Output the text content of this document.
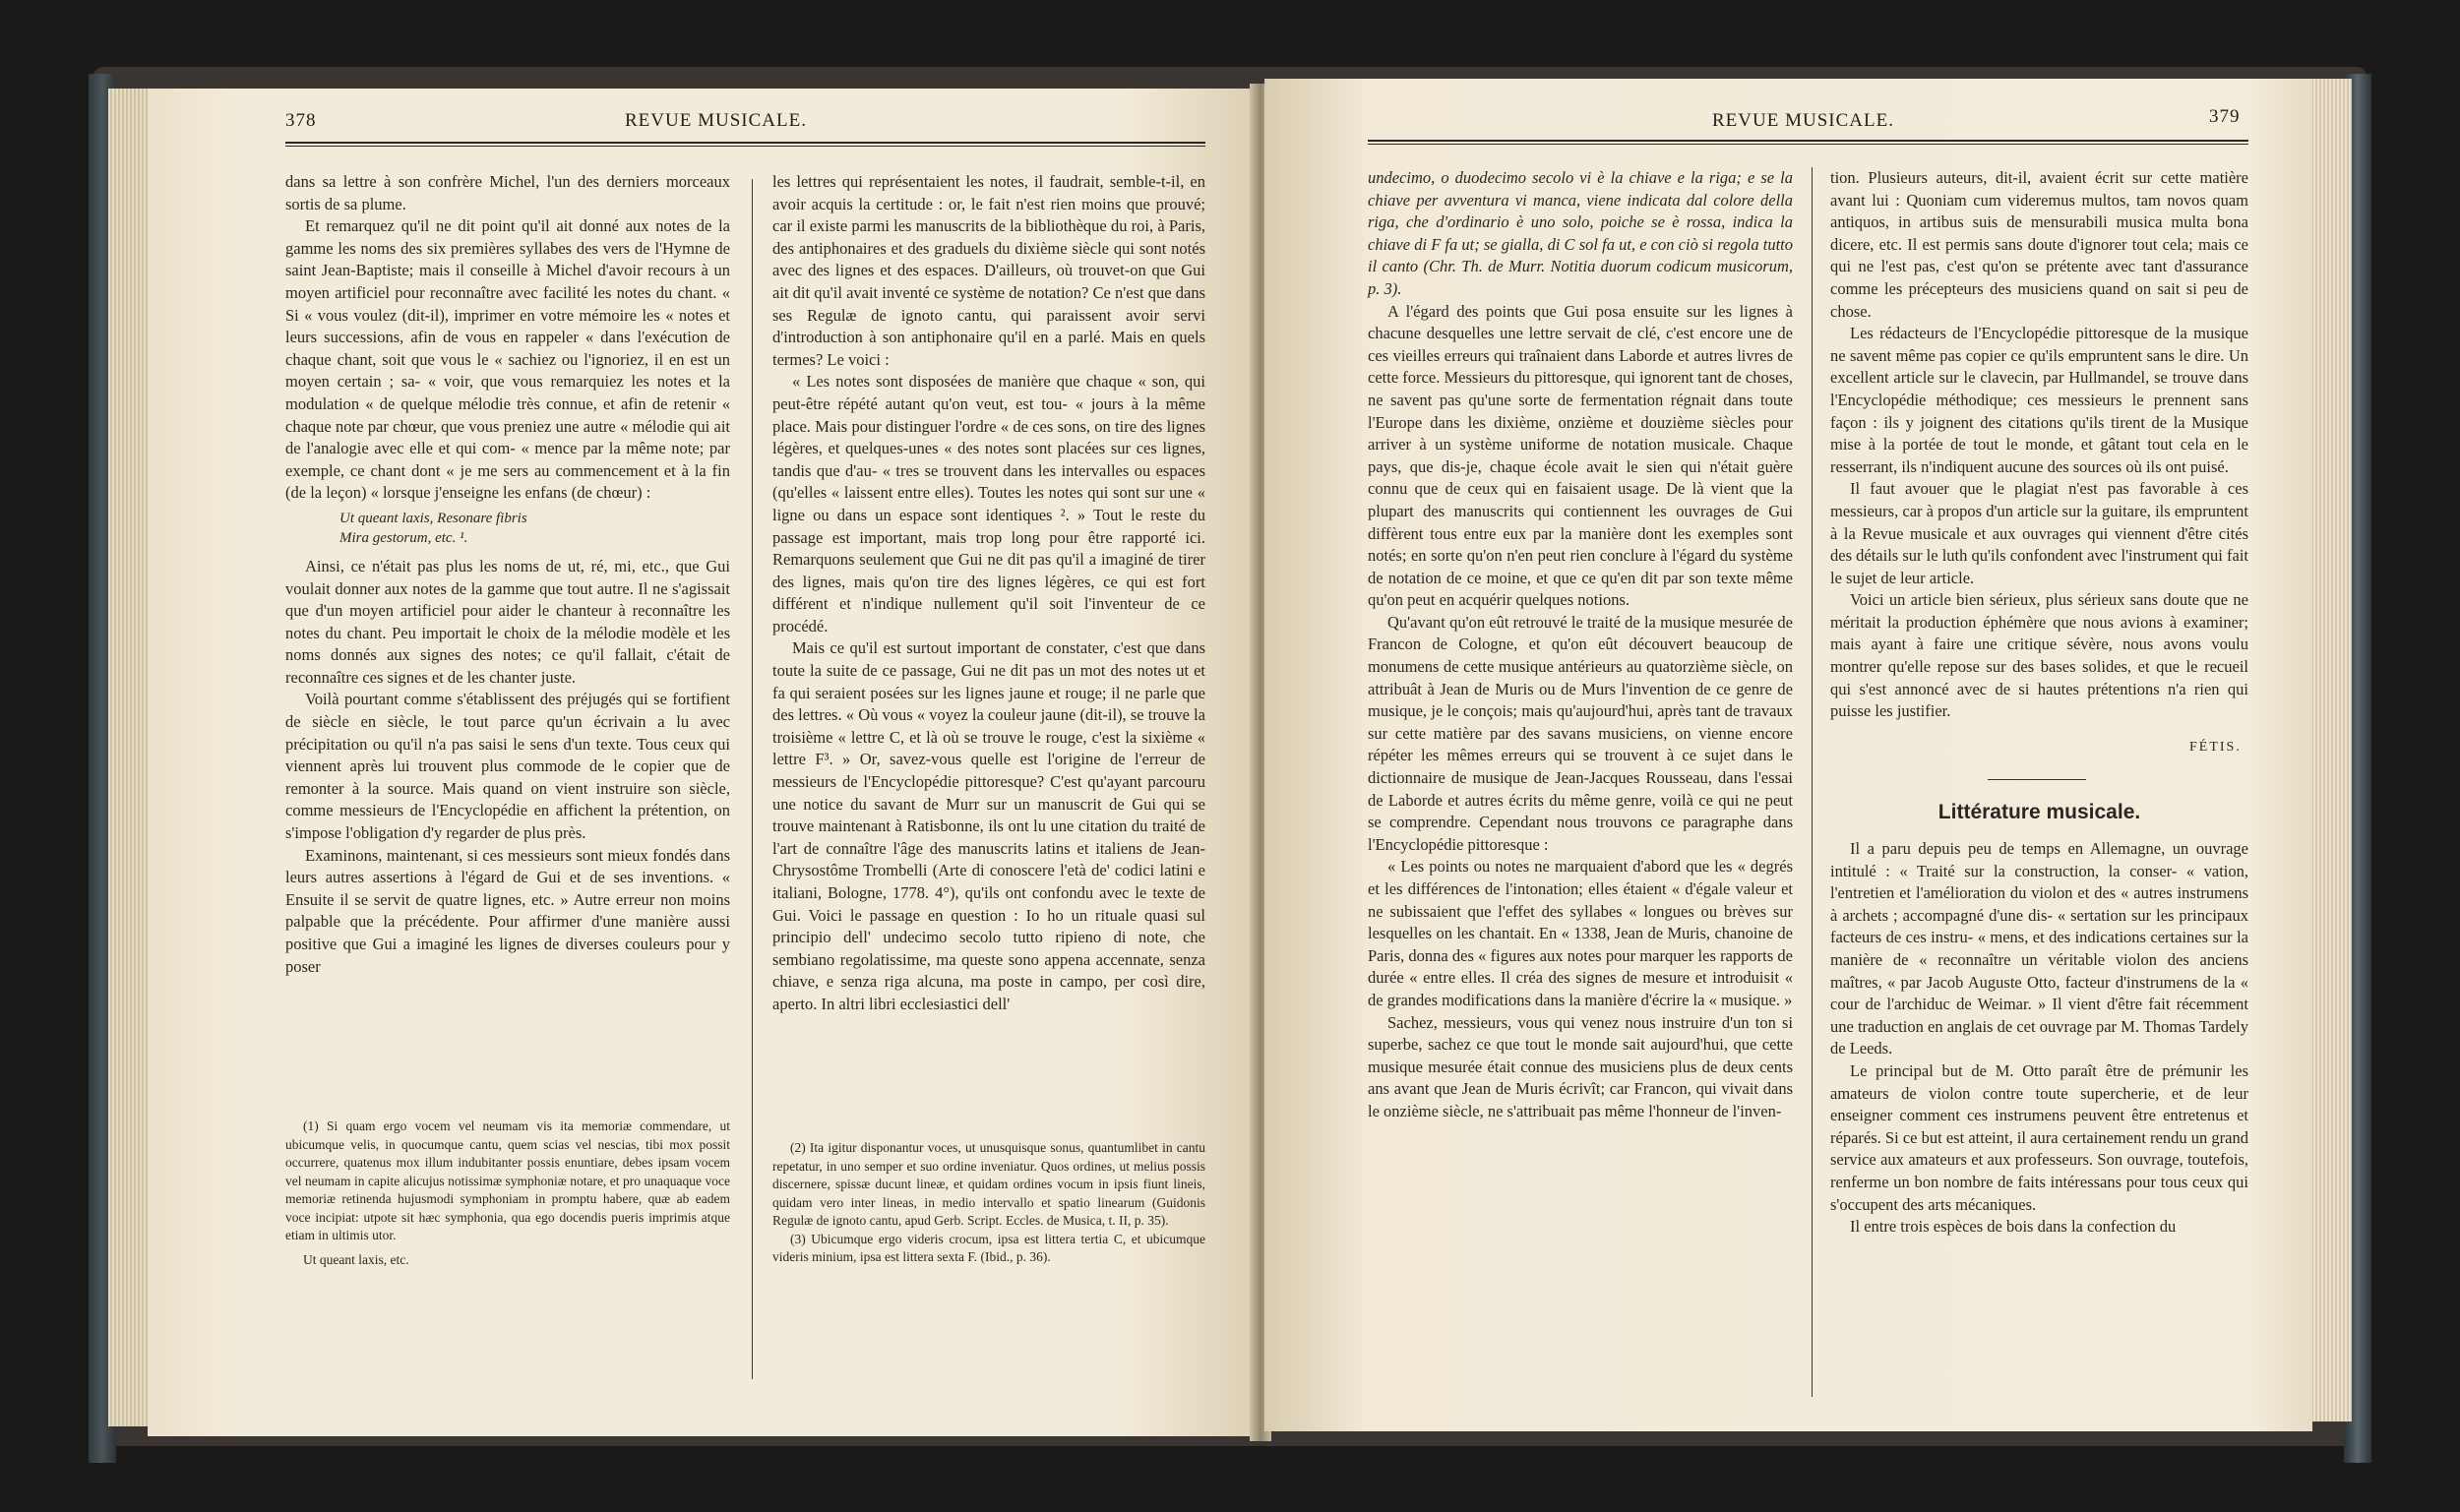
378	REVUE MUSICALE.

dans sa lettre à son confrère Michel, l'un des derniers morceaux sortis de sa plume.

Et remarquez qu'il ne dit point qu'il ait donné aux notes de la gamme les noms des six premières syllabes des vers de l'Hymne de saint Jean-Baptiste; mais il conseille à Michel d'avoir recours à un moyen artificiel pour reconnaître avec facilité les notes du chant. « Si « vous voulez (dit-il), imprimer en votre mémoire les « notes et leurs successions, afin de vous en rappeler « dans l'exécution de chaque chant, soit que vous le « sachiez ou l'ignoriez, il en est un moyen certain ; sa- « voir, que vous remarquiez les notes et la modulation « de quelque mélodie très connue, et afin de retenir « chaque note par chœur, que vous preniez une autre « mélodie qui ait de l'analogie avec elle et qui com- « mence par la même note; par exemple, ce chant dont « je me sers au commencement et à la fin (de la leçon) « lorsque j'enseigne les enfans (de chœur) :

Ut queant laxis, Resonare fibris
Mira gestorum, etc. ¹.

Ainsi, ce n'était pas plus les noms de ut, ré, mi, etc., que Gui voulait donner aux notes de la gamme que tout autre. Il ne s'agissait que d'un moyen artificiel pour aider le chanteur à reconnaître les notes du chant. Peu importait le choix de la mélodie modèle et les noms donnés aux signes des notes; ce qu'il fallait, c'était de reconnaître ces signes et de les chanter juste.

Voilà pourtant comme s'établissent des préjugés qui se fortifient de siècle en siècle, le tout parce qu'un écrivain a lu avec précipitation ou qu'il n'a pas saisi le sens d'un texte. Tous ceux qui viennent après lui trouvent plus commode de le copier que de remonter à la source. Mais quand on vient instruire son siècle, comme messieurs de l'Encyclopédie en affichent la prétention, on s'impose l'obligation d'y regarder de plus près.

Examinons, maintenant, si ces messieurs sont mieux fondés dans leurs autres assertions à l'égard de Gui et de ses inventions. « Ensuite il se servit de quatre lignes, etc. » Autre erreur non moins palpable que la précédente. Pour affirmer d'une manière aussi positive que Gui a imaginé les lignes de diverses couleurs pour y poser

(1) Si quam ergo vocem vel neumam vis ita memoriæ commendare, ut ubicumque velis, in quocumque cantu, quem scias vel nescias, tibi mox possit occurrere, quatenus mox illum indubitanter possis enuntiare, debes ipsam vocem vel neumam in capite alicujus notissimæ symphoniæ notare, et pro unaquaque voce memoriæ retinenda hujusmodi symphoniam in promptu habere, quæ ab eadem voce incipiat: utpote sit hæc symphonia, qua ego docendis pueris imprimis atque etiam in ultimis utor.

Ut queant laxis, etc.

les lettres qui représentaient les notes, il faudrait, semble-t-il, en avoir acquis la certitude : or, le fait n'est rien moins que prouvé; car il existe parmi les manuscrits de la bibliothèque du roi, à Paris, des antiphonaires et des graduels du dixième siècle qui sont notés avec des lignes et des espaces. D'ailleurs, où trouvet-on que Gui ait dit qu'il avait inventé ce système de notation? Ce n'est que dans ses Regulæ de ignoto cantu, qui paraissent avoir servi d'introduction à son antiphonaire qu'il en a parlé. Mais en quels termes? Le voici :

« Les notes sont disposées de manière que chaque « son, qui peut-être répété autant qu'on veut, est tou- « jours à la même place. Mais pour distinguer l'ordre « de ces sons, on tire des lignes légères, et quelques-unes « des notes sont placées sur ces lignes, tandis que d'au- « tres se trouvent dans les intervalles ou espaces (qu'elles « laissent entre elles). Toutes les notes qui sont sur une « ligne ou dans un espace sont identiques ². » Tout le reste du passage est important, mais trop long pour être rapporté ici. Remarquons seulement que Gui ne dit pas qu'il a imaginé de tirer des lignes, mais qu'on tire des lignes légères, ce qui est fort différent et n'indique nullement qu'il soit l'inventeur de ce procédé.

Mais ce qu'il est surtout important de constater, c'est que dans toute la suite de ce passage, Gui ne dit pas un mot des notes ut et fa qui seraient posées sur les lignes jaune et rouge; il ne parle que des lettres. « Où vous « voyez la couleur jaune (dit-il), se trouve la troisième « lettre C, et là où se trouve le rouge, c'est la sixième « lettre F³. » Or, savez-vous quelle est l'origine de l'erreur de messieurs de l'Encyclopédie pittoresque? C'est qu'ayant parcouru une notice du savant de Murr sur un manuscrit de Gui qui se trouve maintenant à Ratisbonne, ils ont lu une citation du traité de l'art de connaître l'âge des manuscrits latins et italiens de Jean-Chrysostôme Trombelli (Arte di conoscere l'età de' codici latini e italiani, Bologne, 1778. 4°), qu'ils ont confondu avec le texte de Gui. Voici le passage en question : Io ho un rituale quasi sul principio dell' undecimo secolo tutto ripieno di note, che sembiano regolatissime, ma queste sono appena accennate, senza chiave, e senza riga alcuna, ma poste in campo, per così dire, aperto. In altri libri ecclesiastici dell'

(2) Ita igitur disponantur voces, ut unusquisque sonus, quantumlibet in cantu repetatur, in uno semper et suo ordine inveniatur. Quos ordines, ut melius possis discernere, spissæ ducunt lineæ, et quidam ordines vocum in ipsis fiunt lineis, quidam vero inter lineas, in medio intervallo et spatio linearum (Guidonis Regulæ de ignoto cantu, apud Gerb. Script. Eccles. de Musica, t. II, p. 35).

(3) Ubicumque ergo videris crocum, ipsa est littera tertia C, et ubicumque videris minium, ipsa est littera sexta F. (Ibid., p. 36).

REVUE MUSICALE.	379

undecimo, o duodecimo secolo vi è la chiave e la riga; e se la chiave per avventura vi manca, viene indicata dal colore della riga, che d'ordinario è uno solo, poiche se è rossa, indica la chiave di F fa ut; se gialla, di C sol fa ut, e con ciò si regola tutto il canto (Chr. Th. de Murr. Notitia duorum codicum musicorum, p. 3).

A l'égard des points que Gui posa ensuite sur les lignes à chacune desquelles une lettre servait de clé, c'est encore une de ces vieilles erreurs qui traînaient dans Laborde et autres livres de cette force. Messieurs du pittoresque, qui ignorent tant de choses, ne savent pas qu'une sorte de fermentation régnait dans toute l'Europe dans les dixième, onzième et douzième siècles pour arriver à un système uniforme de notation musicale. Chaque pays, que dis-je, chaque école avait le sien qui n'était guère connu que de ceux qui en faisaient usage. De là vient que la plupart des manuscrits qui contiennent les ouvrages de Gui diffèrent tous entre eux par la manière dont les exemples sont notés; en sorte qu'on n'en peut rien conclure à l'égard du système de notation de ce moine, et que ce qu'en dit par son texte même qu'on peut en acquérir quelques notions.

Qu'avant qu'on eût retrouvé le traité de la musique mesurée de Francon de Cologne, et qu'on eût découvert beaucoup de monumens de cette musique antérieurs au quatorzième siècle, on attribuât à Jean de Muris ou de Murs l'invention de ce genre de musique, je le conçois; mais qu'aujourd'hui, après tant de travaux sur cette matière par des savans musiciens, on vienne encore répéter les mêmes erreurs qui se trouvent à ce sujet dans le dictionnaire de musique de Jean-Jacques Rousseau, dans l'essai de Laborde et autres écrits du même genre, voilà ce qui ne peut se comprendre. Cependant nous trouvons ce paragraphe dans l'Encyclopédie pittoresque :

« Les points ou notes ne marquaient d'abord que les « degrés et les différences de l'intonation; elles étaient « d'égale valeur et ne subissaient que l'effet des syllabes « longues ou brèves sur lesquelles on les chantait. En « 1338, Jean de Muris, chanoine de Paris, donna des « figures aux notes pour marquer les rapports de durée « entre elles. Il créa des signes de mesure et introduisit « de grandes modifications dans la manière d'écrire la « musique. »

Sachez, messieurs, vous qui venez nous instruire d'un ton si superbe, sachez ce que tout le monde sait aujourd'hui, que cette musique mesurée était connue des musiciens plus de deux cents ans avant que Jean de Muris écrivît; car Francon, qui vivait dans le onzième siècle, ne s'attribuait pas même l'honneur de l'inven-

tion. Plusieurs auteurs, dit-il, avaient écrit sur cette matière avant lui : Quoniam cum videremus multos, tam novos quam antiquos, in artibus suis de mensurabili musica multa bona dicere, etc. Il est permis sans doute d'ignorer tout cela; mais ce qui ne l'est pas, c'est qu'on se prétente avec tant d'assurance comme les précepteurs des musiciens quand on sait si peu de chose.

Les rédacteurs de l'Encyclopédie pittoresque de la musique ne savent même pas copier ce qu'ils empruntent sans le dire. Un excellent article sur le clavecin, par Hullmandel, se trouve dans l'Encyclopédie méthodique; ces messieurs le prennent sans façon : ils y joignent des citations qu'ils tirent de la Musique mise à la portée de tout le monde, et gâtant tout cela en le resserrant, ils n'indiquent aucune des sources où ils ont puisé.

Il faut avouer que le plagiat n'est pas favorable à ces messieurs, car à propos d'un article sur la guitare, ils empruntent à la Revue musicale et aux ouvrages qui viennent d'être cités des détails sur le luth qu'ils confondent avec l'instrument qui fait le sujet de leur article.

Voici un article bien sérieux, plus sérieux sans doute que ne méritait la production éphémère que nous avions à examiner; mais ayant à faire une critique sévère, nous avons voulu montrer qu'elle repose sur des bases solides, et que le recueil qui s'est annoncé avec de si hautes prétentions n'a rien qui puisse les justifier.

FÉTIS.
Littérature musicale.

Il a paru depuis peu de temps en Allemagne, un ouvrage intitulé : « Traité sur la construction, la conser- « vation, l'entretien et l'amélioration du violon et des « autres instrumens à archets ; accompagné d'une dis- « sertation sur les principaux facteurs de ces instru- « mens, et des indications certaines sur la manière de « reconnaître un véritable violon des anciens maîtres, « par Jacob Auguste Otto, facteur d'instrumens de la « cour de l'archiduc de Weimar. » Il vient d'être fait récemment une traduction en anglais de cet ouvrage par M. Thomas Tardely de Leeds.

Le principal but de M. Otto paraît être de prémunir les amateurs de violon contre toute supercherie, et de leur enseigner comment ces instrumens peuvent être entretenus et réparés. Si ce but est atteint, il aura certainement rendu un grand service aux amateurs et aux professeurs. Son ouvrage, toutefois, renferme un bon nombre de faits intéressans pour tous ceux qui s'occupent des arts mécaniques.

Il entre trois espèces de bois dans la confection du
